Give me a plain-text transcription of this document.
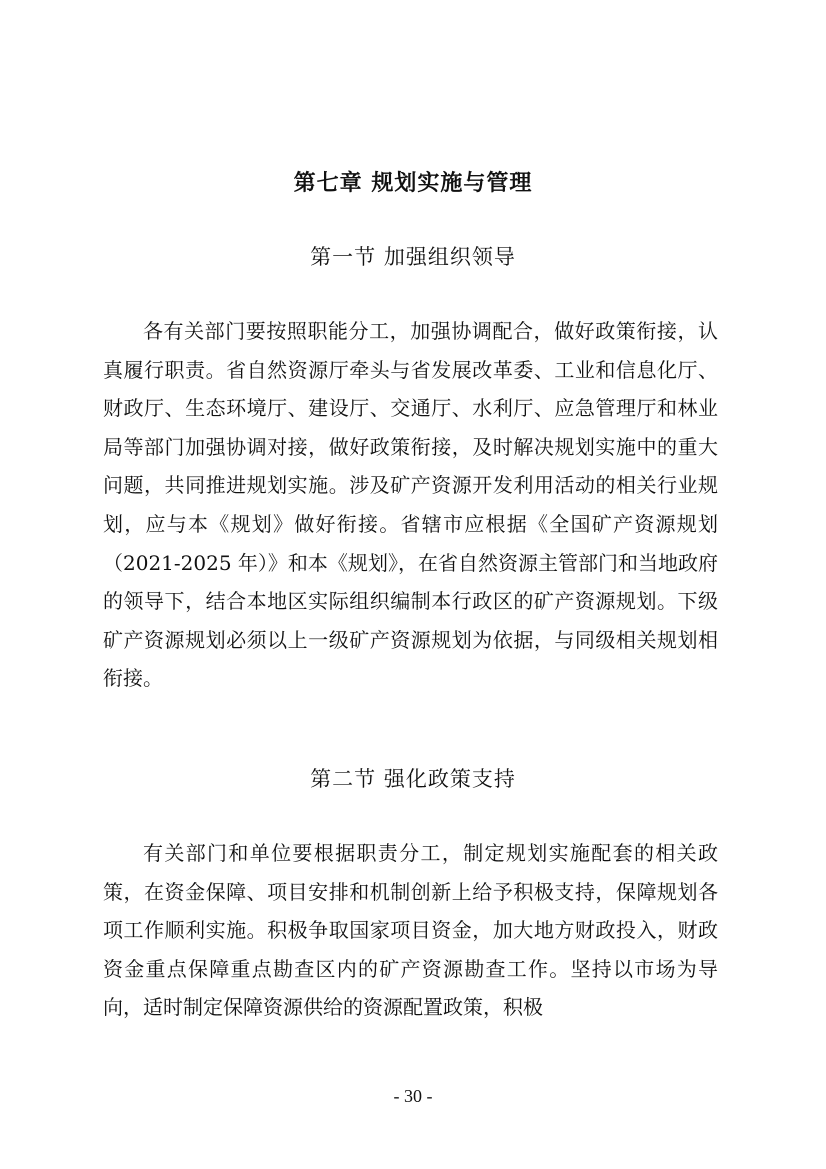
第七章 规划实施与管理
第一节 加强组织领导

各有关部门要按照职能分工，加强协调配合，做好政策衔接，认真履行职责。省自然资源厅牵头与省发展改革委、工业和信息化厅、财政厅、生态环境厅、建设厅、交通厅、水利厅、应急管理厅和林业局等部门加强协调对接，做好政策衔接，及时解决规划实施中的重大问题，共同推进规划实施。涉及矿产资源开发利用活动的相关行业规划，应与本《规划》做好衔接。省辖市应根据《全国矿产资源规划（2021-2025 年）》和本《规划》，在省自然资源主管部门和当地政府的领导下，结合本地区实际组织编制本行政区的矿产资源规划。下级矿产资源规划必须以上一级矿产资源规划为依据，与同级相关规划相衔接。

第二节 强化政策支持

有关部门和单位要根据职责分工，制定规划实施配套的相关政策，在资金保障、项目安排和机制创新上给予积极支持，保障规划各项工作顺利实施。积极争取国家项目资金，加大地方财政投入，财政资金重点保障重点勘查区内的矿产资源勘查工作。坚持以市场为导向，适时制定保障资源供给的资源配置政策，积极

- 30 -
